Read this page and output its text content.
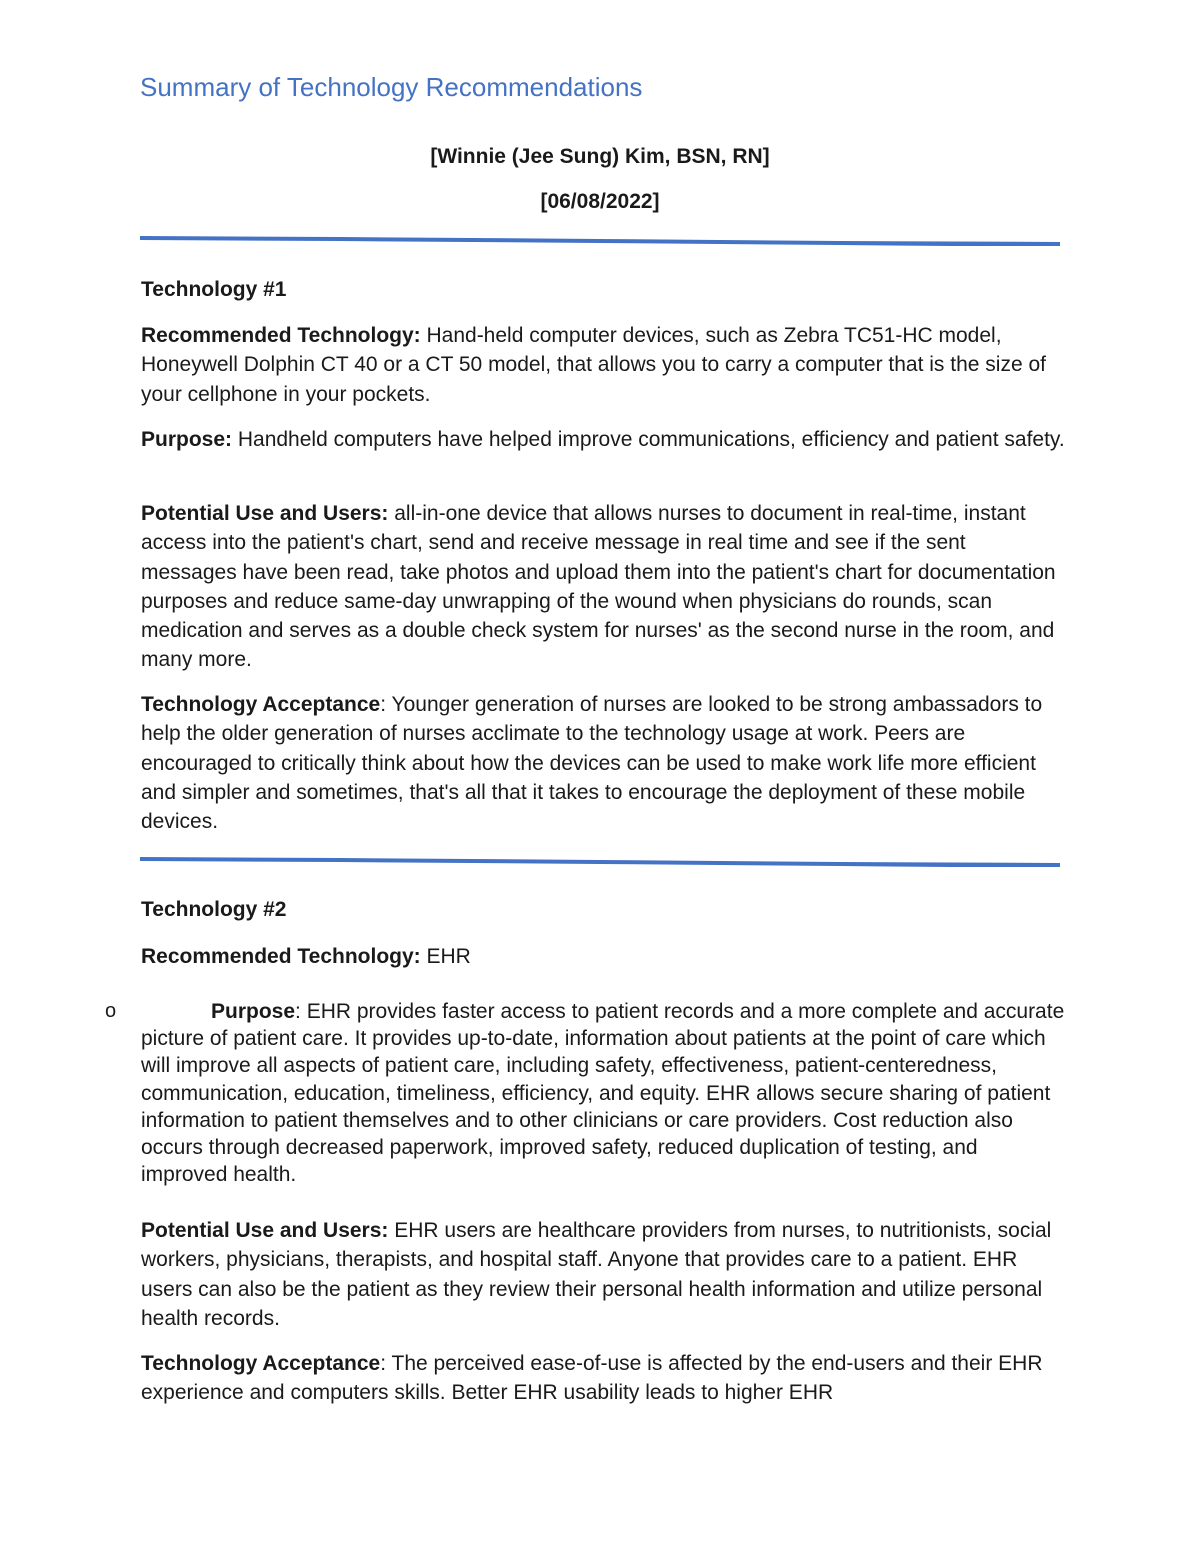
Summary of Technology Recommendations
[Winnie (Jee Sung) Kim, BSN, RN]
[06/08/2022]
Technology #1

Recommended Technology: Hand-held computer devices, such as Zebra TC51-HC model, Honeywell Dolphin CT 40 or a CT 50 model, that allows you to carry a computer that is the size of your cellphone in your pockets.

Purpose: Handheld computers have helped improve communications, efficiency and patient safety.

Potential Use and Users: all-in-one device that allows nurses to document in real-time, instant access into the patient's chart, send and receive message in real time and see if the sent messages have been read, take photos and upload them into the patient's chart for documentation purposes and reduce same-day unwrapping of the wound when physicians do rounds, scan medication and serves as a double check system for nurses' as the second nurse in the room, and many more.

Technology Acceptance: Younger generation of nurses are looked to be strong ambassadors to help the older generation of nurses acclimate to the technology usage at work. Peers are encouraged to critically think about how the devices can be used to make work life more efficient and simpler and sometimes, that's all that it takes to encourage the deployment of these mobile devices.

Technology #2

Recommended Technology: EHR

o	Purpose: EHR provides faster access to patient records and a more complete and accurate picture of patient care. It provides up-to-date, information about patients at the point of care which will improve all aspects of patient care, including safety, effectiveness, patient-centeredness, communication, education, timeliness, efficiency, and equity. EHR allows secure sharing of patient information to patient themselves and to other clinicians or care providers. Cost reduction also occurs through decreased paperwork, improved safety, reduced duplication of testing, and improved health.

Potential Use and Users: EHR users are healthcare providers from nurses, to nutritionists, social workers, physicians, therapists, and hospital staff. Anyone that provides care to a patient. EHR users can also be the patient as they review their personal health information and utilize personal health records.

Technology Acceptance: The perceived ease-of-use is affected by the end-users and their EHR experience and computers skills. Better EHR usability leads to higher EHR
